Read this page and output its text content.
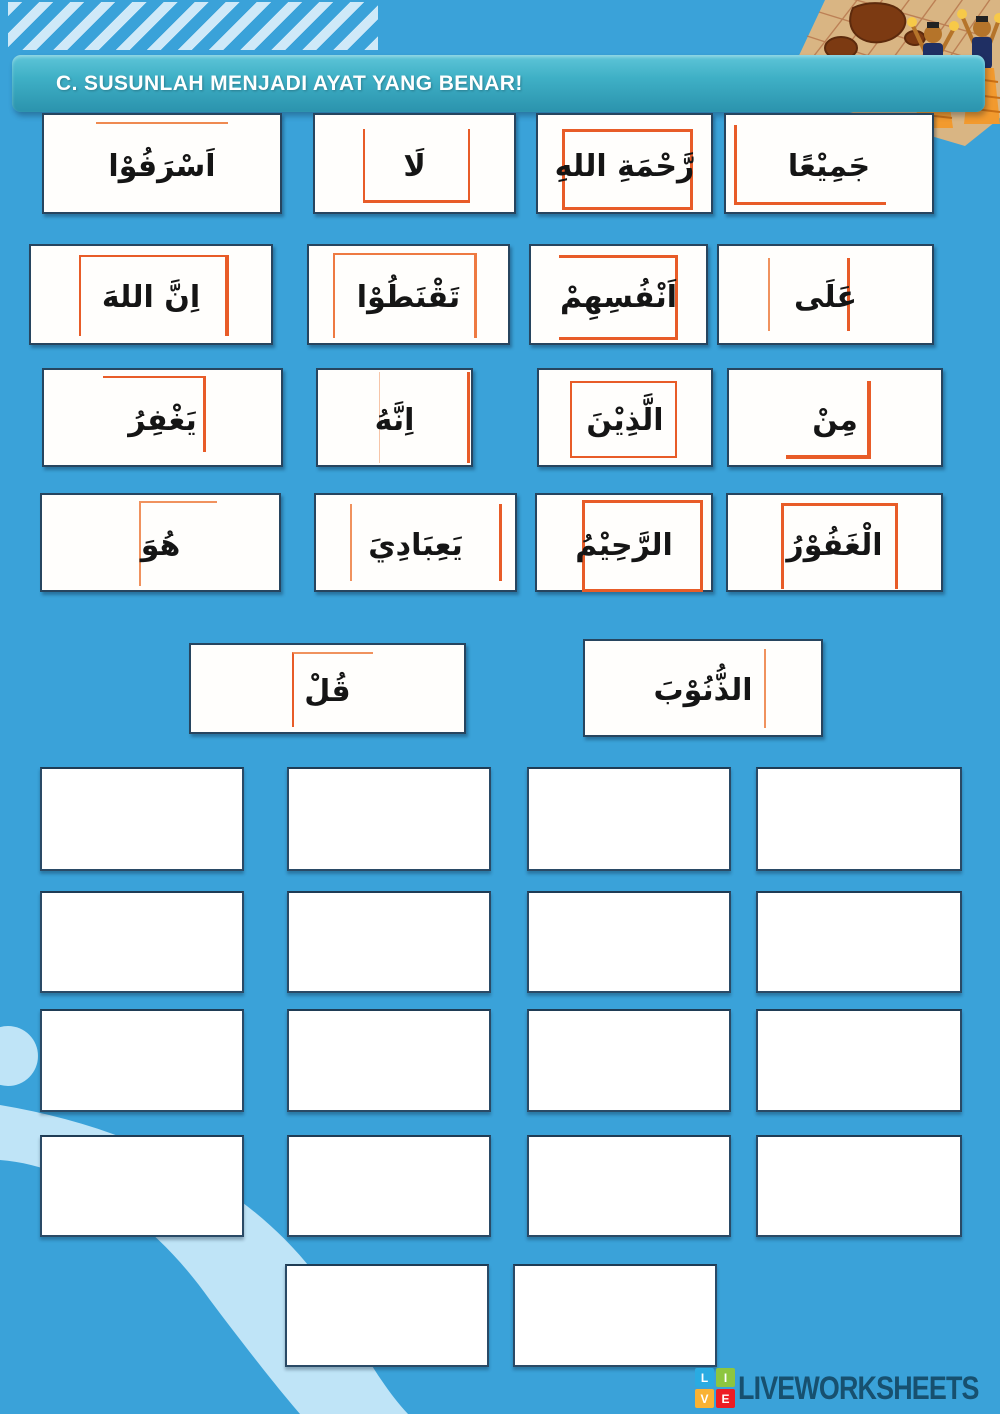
C. SUSUNLAH MENJADI AYAT YANG BENAR!
اَسْرَفُوْا	لَا	رَّحْمَةِ اللهِ	جَمِيْعًا
اِنَّ اللهَ	تَقْنَطُوْا	اَنْفُسِهِمْ	عَلَى
يَغْفِرُ	اِنَّهُ	الَّذِيْنَ	مِنْ
هُوَ	يَعِبَادِيَ	الرَّحِيْمُ	الْغَفُوْرُ
قُلْ	الذُّنُوْبَ
L	I
V	E LIVEWORKSHEETS
